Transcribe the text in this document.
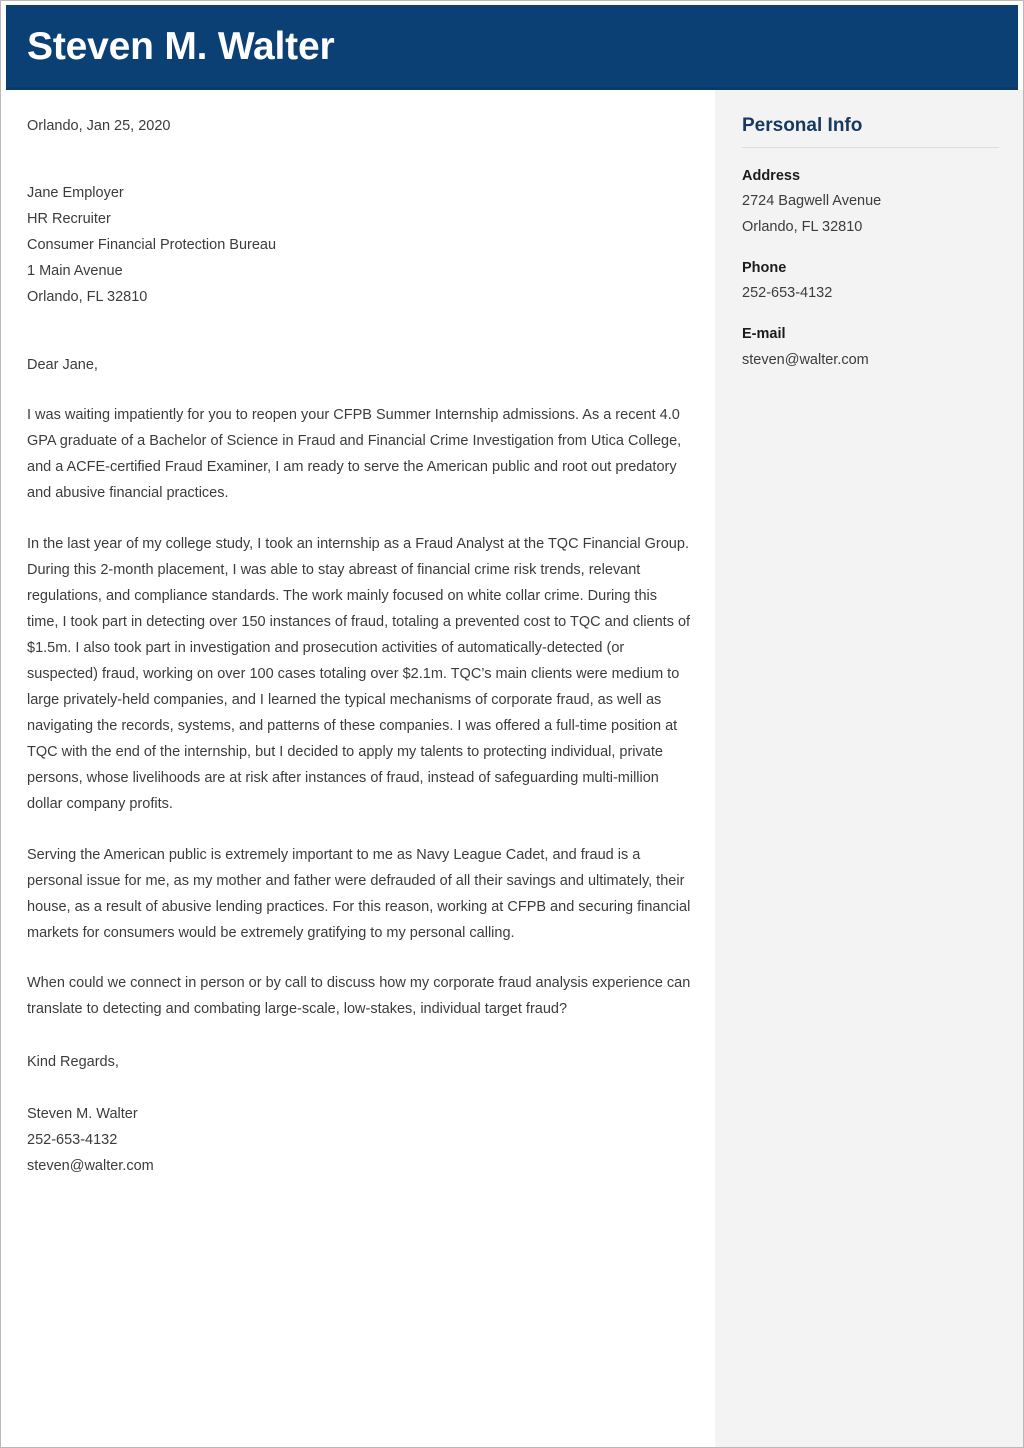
Steven M. Walter
Orlando, Jan 25, 2020
Jane Employer
HR Recruiter
Consumer Financial Protection Bureau
1 Main Avenue
Orlando, FL 32810
Dear Jane,

I was waiting impatiently for you to reopen your CFPB Summer Internship admissions. As a recent 4.0 GPA graduate of a Bachelor of Science in Fraud and Financial Crime Investigation from Utica College, and a ACFE-certified Fraud Examiner, I am ready to serve the American public and root out predatory and abusive financial practices.

In the last year of my college study, I took an internship as a Fraud Analyst at the TQC Financial Group. During this 2-month placement, I was able to stay abreast of financial crime risk trends, relevant regulations, and compliance standards. The work mainly focused on white collar crime. During this time, I took part in detecting over 150 instances of fraud, totaling a prevented cost to TQC and clients of $1.5m. I also took part in investigation and prosecution activities of automatically-detected (or suspected) fraud, working on over 100 cases totaling over $2.1m. TQC’s main clients were medium to large privately-held companies, and I learned the typical mechanisms of corporate fraud, as well as navigating the records, systems, and patterns of these companies. I was offered a full-time position at TQC with the end of the internship, but I decided to apply my talents to protecting individual, private persons, whose livelihoods are at risk after instances of fraud, instead of safeguarding multi-million dollar company profits.

Serving the American public is extremely important to me as Navy League Cadet, and fraud is a personal issue for me, as my mother and father were defrauded of all their savings and ultimately, their house, as a result of abusive lending practices. For this reason, working at CFPB and securing financial markets for consumers would be extremely gratifying to my personal calling.

When could we connect in person or by call to discuss how my corporate fraud analysis experience can translate to detecting and combating large-scale, low-stakes, individual target fraud?

Kind Regards,
Steven M. Walter
252-653-4132
steven@walter.com
Personal Info
Address
2724 Bagwell Avenue
Orlando, FL 32810
Phone
252-653-4132
E-mail
steven@walter.com
